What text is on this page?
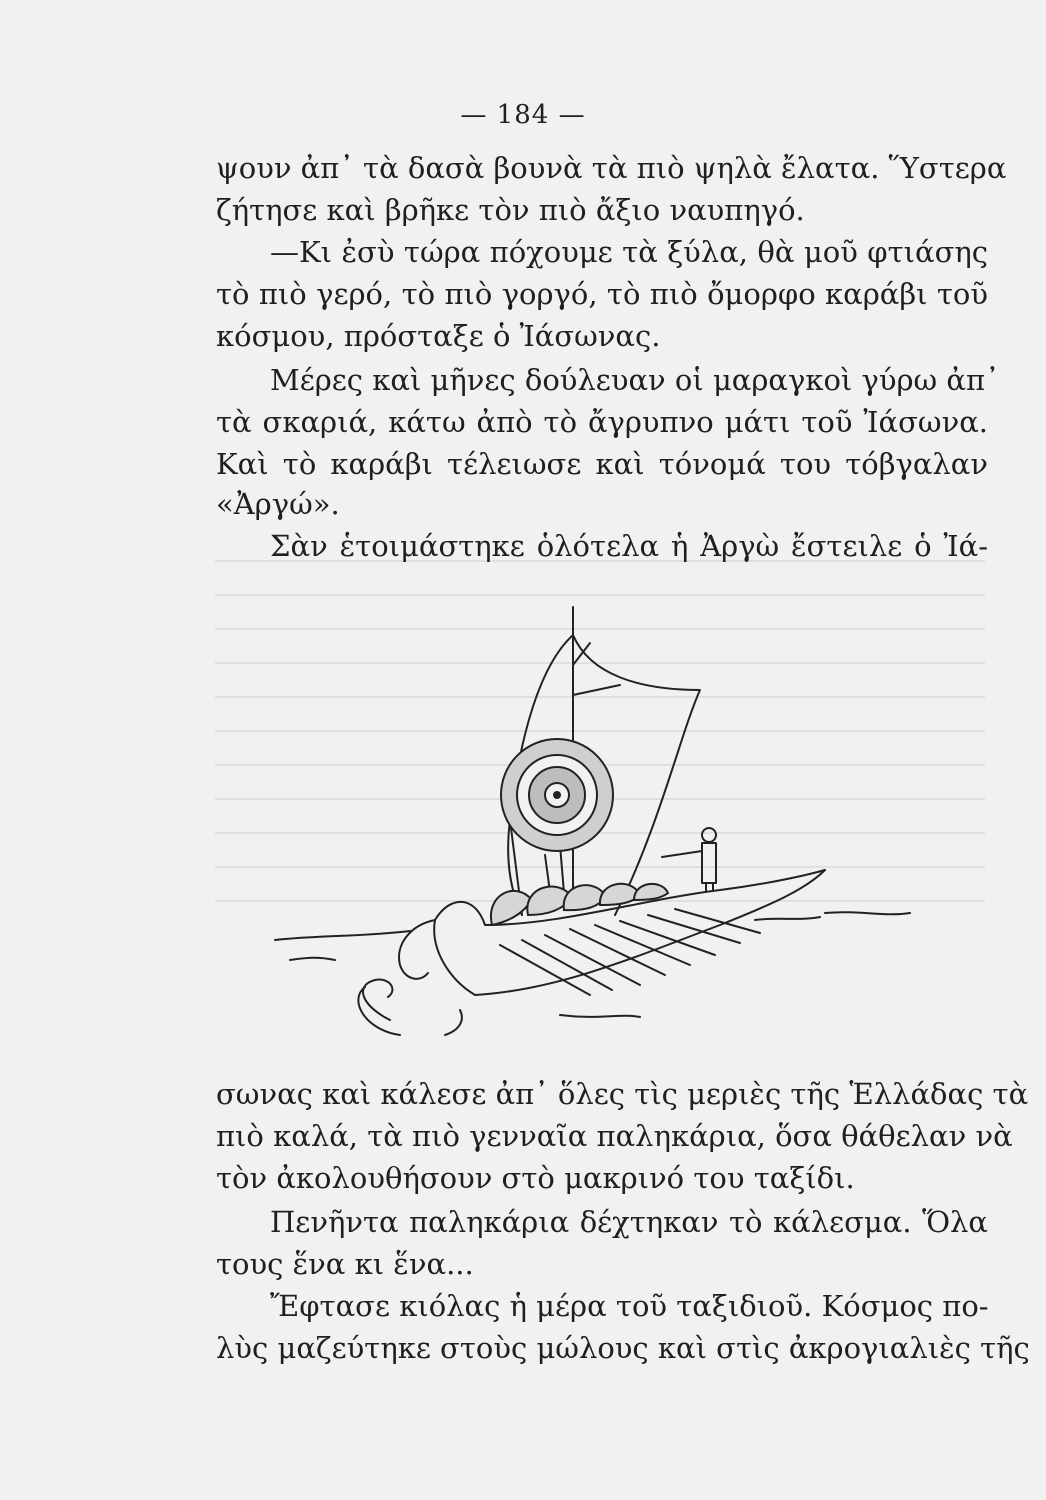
— 184 —
ψουν ἀπ᾽ τὰ δασὰ βουνὰ τὰ πιὸ ψηλὰ ἔλατα. Ὕστερα
ζήτησε καὶ βρῆκε τὸν πιὸ ἄξιο ναυπηγό.
—Κι ἐσὺ τώρα πόχουμε τὰ ξύλα, θὰ μοῦ φτιάσης
τὸ πιὸ γερό, τὸ πιὸ γοργό, τὸ πιὸ ὄμορφο καράβι τοῦ
κόσμου, πρόσταξε ὁ Ἰάσωνας.
Μέρες καὶ μῆνες δούλευαν οἱ μαραγκοὶ γύρω ἀπ᾽
τὰ σκαριά, κάτω ἀπὸ τὸ ἄγρυπνο μάτι τοῦ Ἰάσωνα.
Καὶ τὸ καράβι τέλειωσε καὶ τόνομά του τόβγαλαν
«Ἀργώ».
Σὰν ἑτοιμάστηκε ὁλότελα ἡ Ἀργὼ ἔστειλε ὁ Ἰά-
σωνας καὶ κάλεσε ἀπ᾽ ὅλες τὶς μεριὲς τῆς Ἑλλάδας τὰ
πιὸ καλά, τὰ πιὸ γενναῖα παληκάρια, ὅσα θάθελαν νὰ
τὸν ἀκολουθήσουν στὸ μακρινό του ταξίδι.
Πενῆντα παληκάρια δέχτηκαν τὸ κάλεσμα. Ὅλα
τους ἕνα κι ἕνα...
Ἔφτασε κιόλας ἡ μέρα τοῦ ταξιδιοῦ. Κόσμος πο-
λὺς μαζεύτηκε στοὺς μώλους καὶ στὶς ἀκρογιαλιὲς τῆς
